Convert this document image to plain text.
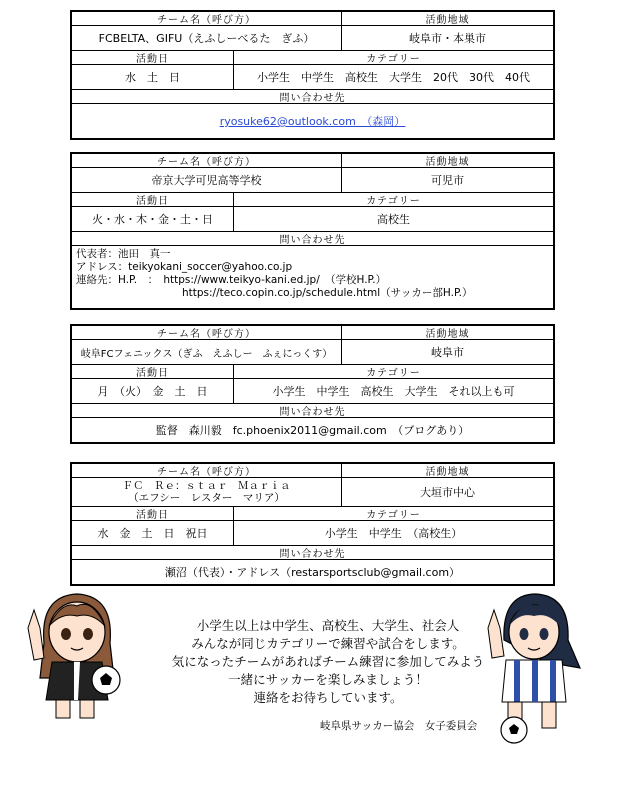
チーム名（呼び方）	活動地域
FCBELTA、GIFU（えふしーべるた　ぎふ）	岐阜市・本巣市
活動日	カテゴリー
水　土　日	小学生　中学生　高校生　大学生　20代　30代　40代
問い合わせ先
ryosuke62@outlook.com　（森岡）
チーム名（呼び方）	活動地域
帝京大学可児高等学校	可児市
活動日	カテゴリー
火・水・木・金・土・日	高校生
問い合わせ先
代表者：池田　真一
アドレス：teikyokani_soccer@yahoo.co.jp
連絡先：H.P.　：　https://www.teikyo-kani.ed.jp/　（学校H.P.）
https://teco.copin.co.jp/schedule.html（サッカー部H.P.）
チーム名（呼び方）	活動地域
岐阜FCフェニックス（ぎふ　えふしー　ふぇにっくす）	岐阜市
活動日	カテゴリー
月　（火）　金　土　日	小学生　中学生　高校生　大学生　それ以上も可
問い合わせ先
監督　森川毅　fc.phoenix2011@gmail.com　（ブログあり）
チーム名（呼び方）	活動地域
ＦＣ　Ｒｅ：ｓｔａｒ　Ｍａｒｉａ
（エフシー　レスター　マリア）	大垣市中心
活動日	カテゴリー
水　金　土　日　祝日	小学生　中学生　（高校生）
問い合わせ先
瀬沼（代表）・アドレス（restarsportsclub@gmail.com）
小学生以上は中学生、高校生、大学生、社会人
みんなが同じカテゴリーで練習や試合をします。
気になったチームがあればチーム練習に参加してみよう
一緒にサッカーを楽しみましょう！
連絡をお待ちしています。
岐阜県サッカー協会　女子委員会
